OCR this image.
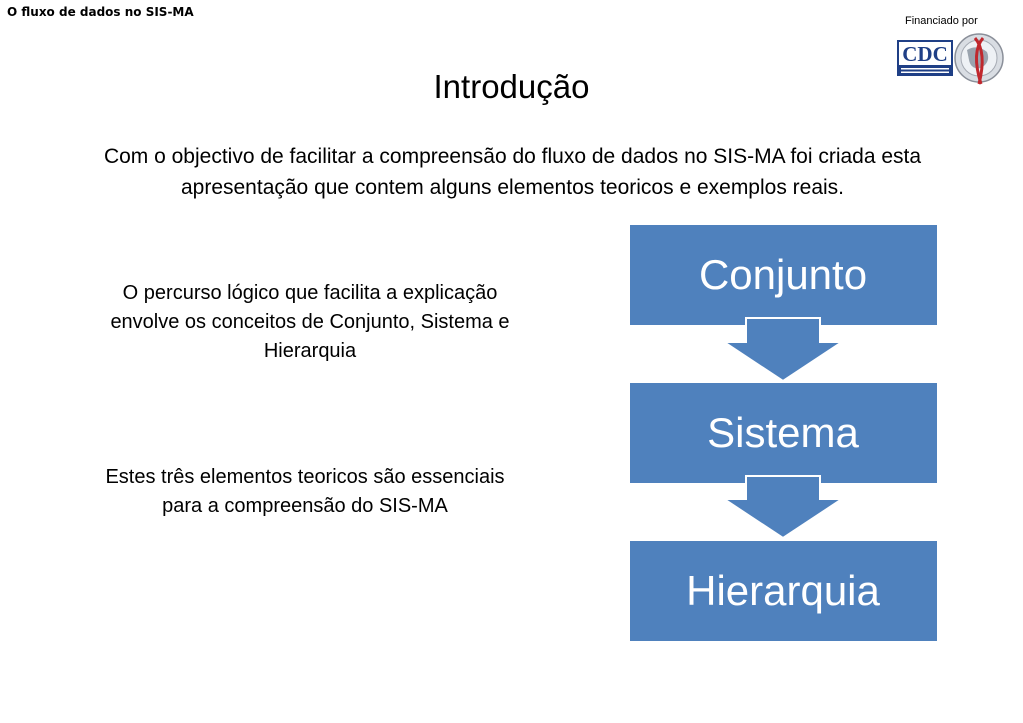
O fluxo de dados no SIS-MA
Financiado por
CDC
Introdução
Com o objectivo de facilitar a compreensão do fluxo de dados no SIS-MA foi criada esta apresentação que contem alguns elementos teoricos e exemplos reais.
O percurso lógico que facilita a explicação envolve os conceitos de Conjunto, Sistema e Hierarquia
Estes três elementos teoricos são essenciais para a compreensão do SIS-MA
Conjunto
Sistema
Hierarquia
